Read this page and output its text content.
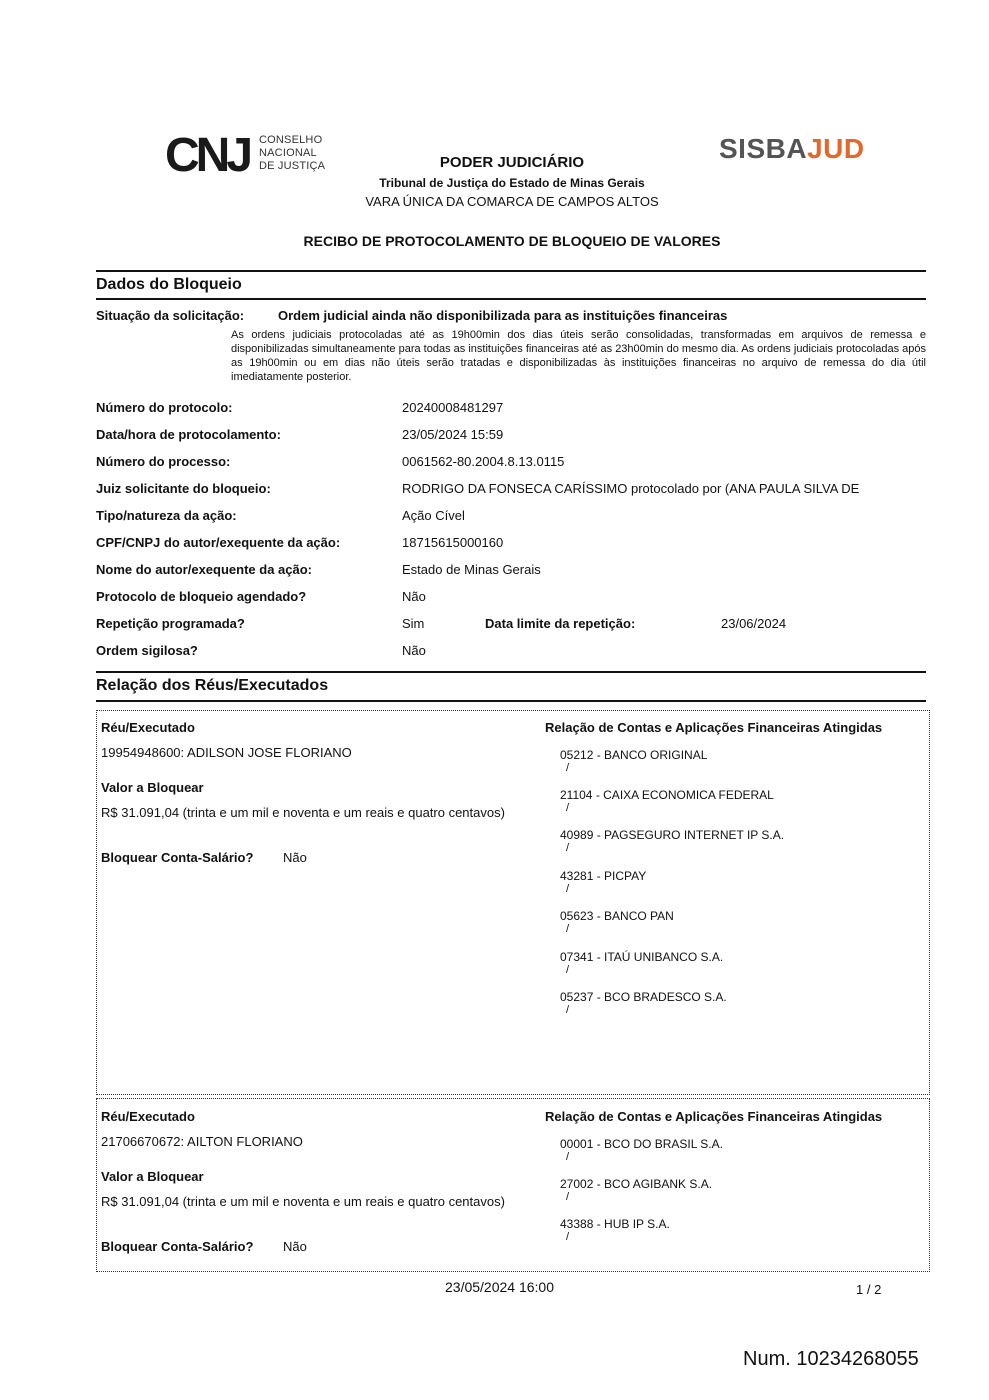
CNJ CONSELHO
NACIONAL
DE JUSTIÇA
SISBAJUD
PODER JUDICIÁRIO
Tribunal de Justiça do Estado de Minas Gerais
VARA ÚNICA DA COMARCA DE CAMPOS ALTOS
RECIBO DE PROTOCOLAMENTO DE BLOQUEIO DE VALORES
Dados do Bloqueio
Situação da solicitação:	Ordem judicial ainda não disponibilizada para as instituições financeiras
As ordens judiciais protocoladas até as 19h00min dos dias úteis serão consolidadas, transformadas em arquivos de remessa e disponibilizadas simultaneamente para todas as instituições financeiras até as 23h00min do mesmo dia. As ordens judiciais protocoladas após as 19h00min ou em dias não úteis serão tratadas e disponibilizadas às instituições financeiras no arquivo de remessa do dia útil imediatamente posterior.
Número do protocolo:	20240008481297
Data/hora de protocolamento:	23/05/2024 15:59
Número do processo:	0061562-80.2004.8.13.0115
Juiz solicitante do bloqueio:	RODRIGO DA FONSECA CARÍSSIMO protocolado por (ANA PAULA SILVA DE
Tipo/natureza da ação:	Ação Cível
CPF/CNPJ do autor/exequente da ação:	18715615000160
Nome do autor/exequente da ação:	Estado de Minas Gerais
Protocolo de bloqueio agendado?	Não
Repetição programada?	Sim	Data limite da repetição:	23/06/2024
Ordem sigilosa?	Não
Relação dos Réus/Executados
Réu/Executado	Relação de Contas e Aplicações Financeiras Atingidas
19954948600: ADILSON JOSE FLORIANO
Valor a Bloquear
R$ 31.091,04 (trinta e um mil e noventa e um reais e quatro centavos)
Bloquear Conta-Salário? Não
05212 - BANCO ORIGINAL
/
21104 - CAIXA ECONOMICA FEDERAL
/
40989 - PAGSEGURO INTERNET IP S.A.
/
43281 - PICPAY
/
05623 - BANCO PAN
/
07341 - ITAÚ UNIBANCO S.A.
/
05237 - BCO BRADESCO S.A.
/
Réu/Executado	Relação de Contas e Aplicações Financeiras Atingidas
21706670672: AILTON FLORIANO
Valor a Bloquear
R$ 31.091,04 (trinta e um mil e noventa e um reais e quatro centavos)
Bloquear Conta-Salário? Não
00001 - BCO DO BRASIL S.A.
/
27002 - BCO AGIBANK S.A.
/
43388 - HUB IP S.A.
/
23/05/2024 16:00	1 / 2
Num. 10234268055
